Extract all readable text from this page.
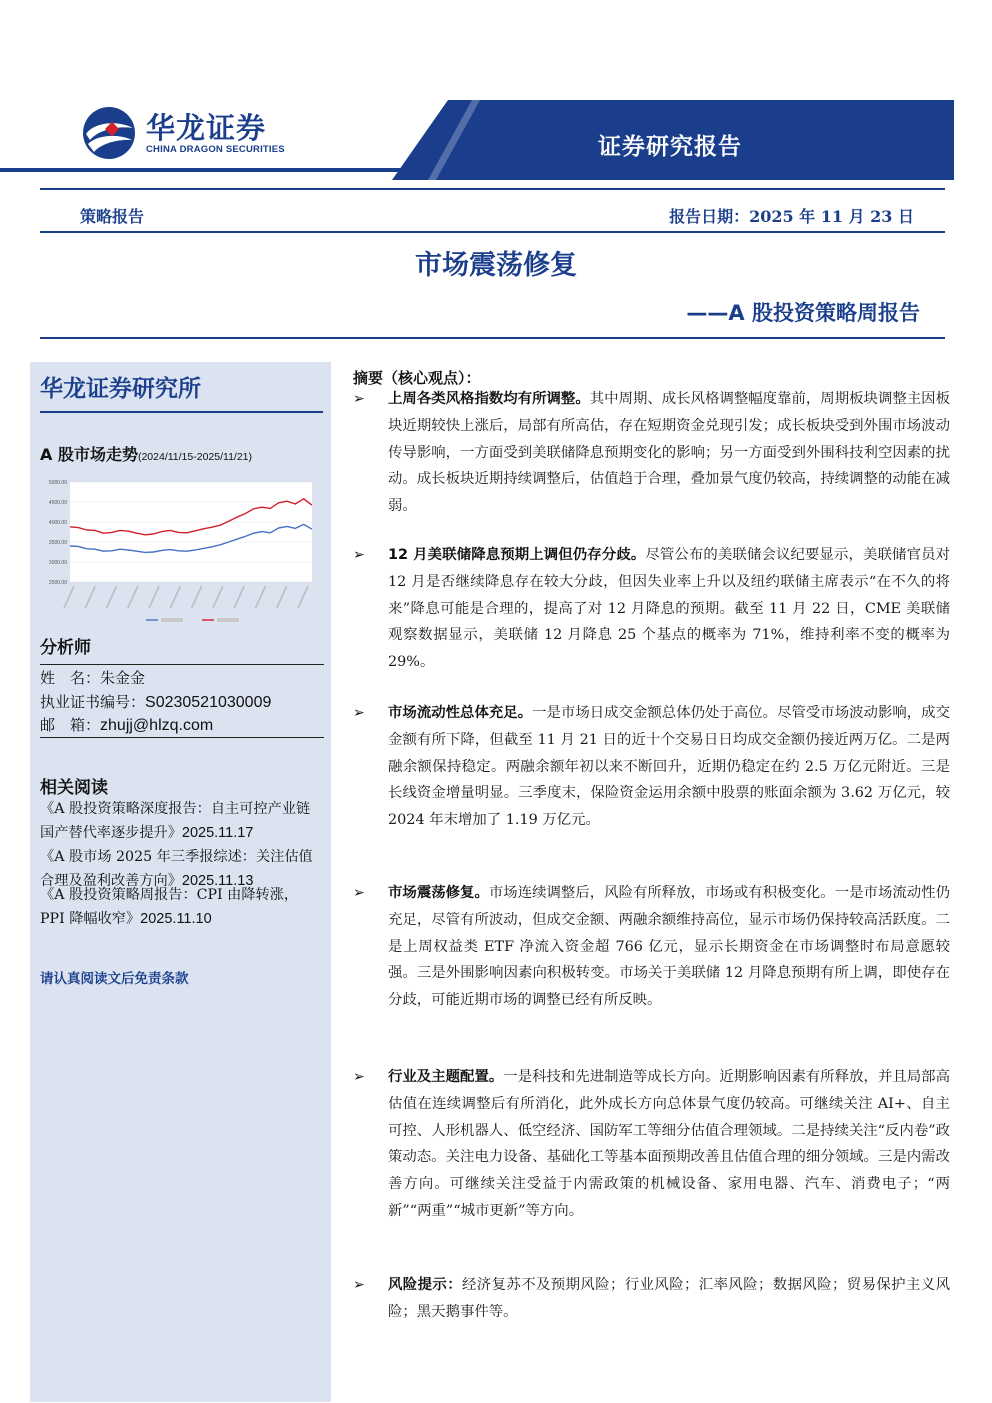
华龙证券
CHINA DRAGON SECURITIES	证券研究报告
策略报告	报告日期：2025 年 11 月 23 日
市场震荡修复
——A 股投资策略周报告
华龙证券研究所
A 股市场走势(2024/11/15-2025/11/21)
5000.00
4500.00
4000.00
3500.00
3000.00
2500.00
分析师
姓　名：朱金金
执业证书编号：S0230521030009
邮　箱：zhujj@hlzq.com
相关阅读
《A 股投资策略深度报告：自主可控产业链国产替代率逐步提升》2025.11.17
《A 股市场 2025 年三季报综述：关注估值合理及盈利改善方向》2025.11.13
《A 股投资策略周报告：CPI 由降转涨，PPI 降幅收窄》2025.11.10
请认真阅读文后免责条款
摘要（核心观点）：
➢ 上周各类风格指数均有所调整。其中周期、成长风格调整幅度靠前，周期板块调整主因板块近期较快上涨后，局部有所高估，存在短期资金兑现引发；成长板块受到外围市场波动传导影响，一方面受到美联储降息预期变化的影响；另一方面受到外围科技利空因素的扰动。成长板块近期持续调整后，估值趋于合理，叠加景气度仍较高，持续调整的动能在减弱。
➢ 12 月美联储降息预期上调但仍存分歧。尽管公布的美联储会议纪要显示，美联储官员对 12 月是否继续降息存在较大分歧，但因失业率上升以及纽约联储主席表示“在不久的将来”降息可能是合理的，提高了对 12 月降息的预期。截至 11 月 22 日，CME 美联储观察数据显示，美联储 12 月降息 25 个基点的概率为 71%，维持利率不变的概率为 29%。
➢ 市场流动性总体充足。一是市场日成交金额总体仍处于高位。尽管受市场波动影响，成交金额有所下降，但截至 11 月 21 日的近十个交易日日均成交金额仍接近两万亿。二是两融余额保持稳定。两融余额年初以来不断回升，近期仍稳定在约 2.5 万亿元附近。三是长线资金增量明显。三季度末，保险资金运用余额中股票的账面余额为 3.62 万亿元，较 2024 年末增加了 1.19 万亿元。
➢ 市场震荡修复。市场连续调整后，风险有所释放，市场或有积极变化。一是市场流动性仍充足，尽管有所波动，但成交金额、两融余额维持高位，显示市场仍保持较高活跃度。二是上周权益类 ETF 净流入资金超 766 亿元，显示长期资金在市场调整时布局意愿较强。三是外围影响因素向积极转变。市场关于美联储 12 月降息预期有所上调，即使存在分歧，可能近期市场的调整已经有所反映。
➢ 行业及主题配置。一是科技和先进制造等成长方向。近期影响因素有所释放，并且局部高估值在连续调整后有所消化，此外成长方向总体景气度仍较高。可继续关注 AI+、自主可控、人形机器人、低空经济、国防军工等细分估值合理领域。二是持续关注“反内卷”政策动态。关注电力设备、基础化工等基本面预期改善且估值合理的细分领域。三是内需改善方向。可继续关注受益于内需政策的机械设备、家用电器、汽车、消费电子；“两新”“两重”“城市更新”等方向。
➢ 风险提示：经济复苏不及预期风险；行业风险；汇率风险；数据风险；贸易保护主义风险；黑天鹅事件等。
